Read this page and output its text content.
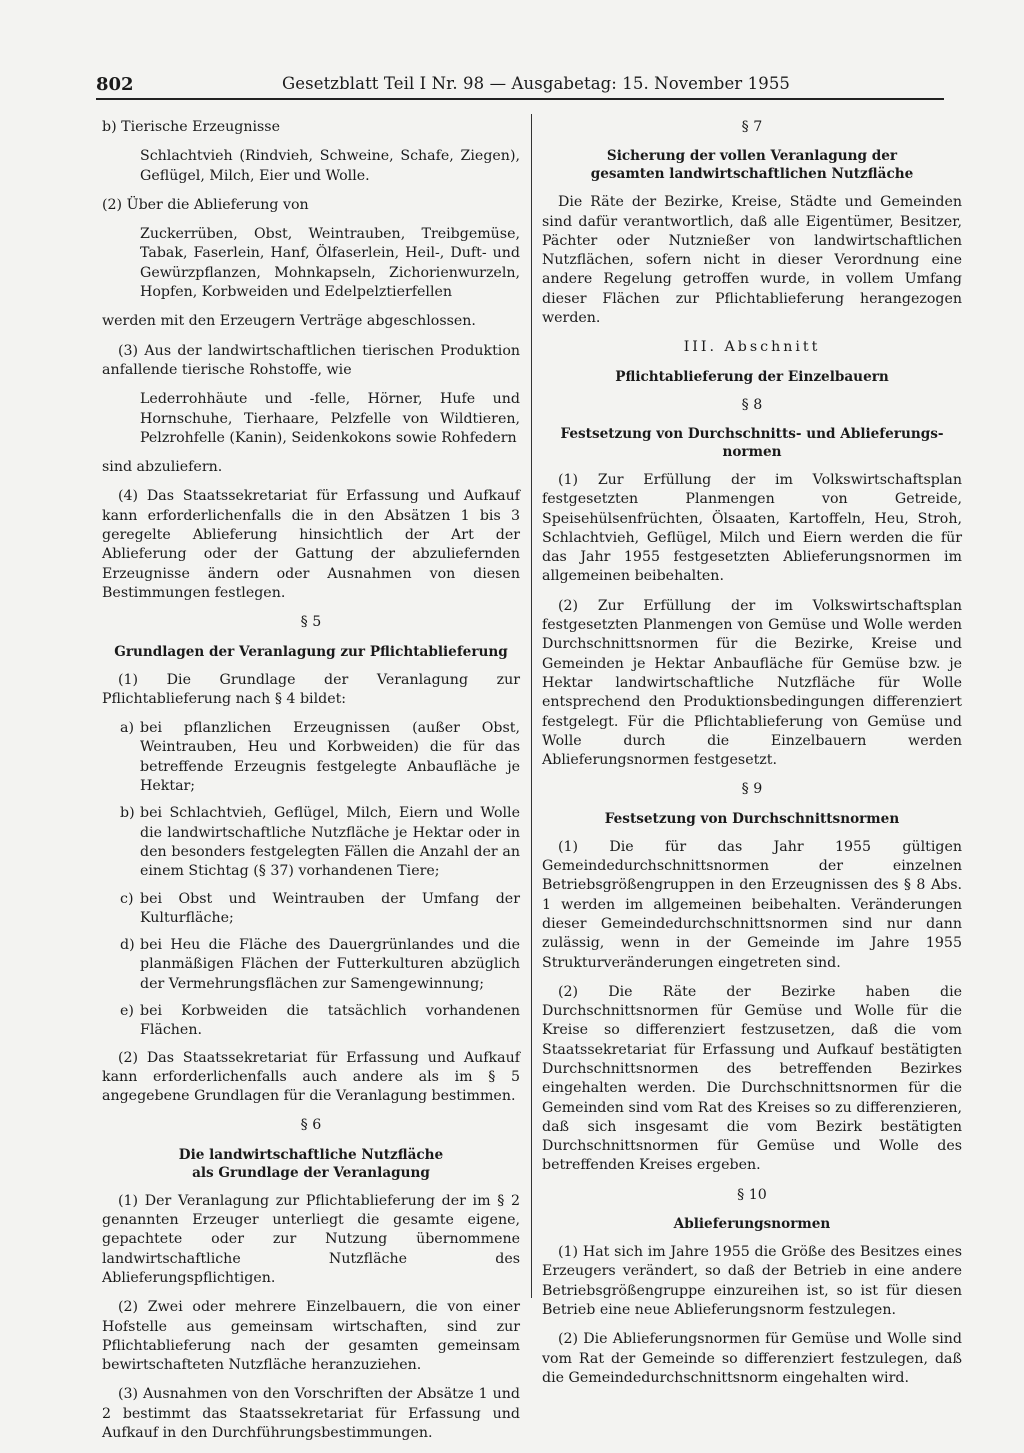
802	Gesetzblatt Teil I Nr. 98 — Ausgabetag: 15. November 1955

b) Tierische Erzeugnisse

Schlachtvieh (Rindvieh, Schweine, Schafe, Ziegen), Geflügel, Milch, Eier und Wolle.

(2) Über die Ablieferung von

Zuckerrüben, Obst, Weintrauben, Treibgemüse, Tabak, Faserlein, Hanf, Ölfaserlein, Heil-, Duft- und Gewürzpflanzen, Mohnkapseln, Zichorienwurzeln, Hopfen, Korbweiden und Edelpelztierfellen

werden mit den Erzeugern Verträge abgeschlossen.

(3) Aus der landwirtschaftlichen tierischen Produktion anfallende tierische Rohstoffe, wie

Lederrohhäute und -felle, Hörner, Hufe und Hornschuhe, Tierhaare, Pelzfelle von Wildtieren, Pelzrohfelle (Kanin), Seidenkokons sowie Rohfedern

sind abzuliefern.

(4) Das Staatssekretariat für Erfassung und Aufkauf kann erforderlichenfalls die in den Absätzen 1 bis 3 geregelte Ablieferung hinsichtlich der Art der Ablieferung oder der Gattung der abzuliefernden Erzeugnisse ändern oder Ausnahmen von diesen Bestimmungen festlegen.

§ 5

Grundlagen der Veranlagung zur Pflichtablieferung

(1) Die Grundlage der Veranlagung zur Pflichtablieferung nach § 4 bildet:

a) bei pflanzlichen Erzeugnissen (außer Obst, Weintrauben, Heu und Korbweiden) die für das betreffende Erzeugnis festgelegte Anbaufläche je Hektar;
b) bei Schlachtvieh, Geflügel, Milch, Eiern und Wolle die landwirtschaftliche Nutzfläche je Hektar oder in den besonders festgelegten Fällen die Anzahl der an einem Stichtag (§ 37) vorhandenen Tiere;
c) bei Obst und Weintrauben der Umfang der Kulturfläche;
d) bei Heu die Fläche des Dauergrünlandes und die planmäßigen Flächen der Futterkulturen abzüglich der Vermehrungsflächen zur Samengewinnung;
e) bei Korbweiden die tatsächlich vorhandenen Flächen.

(2) Das Staatssekretariat für Erfassung und Aufkauf kann erforderlichenfalls auch andere als im § 5 angegebene Grundlagen für die Veranlagung bestimmen.

§ 6

Die landwirtschaftliche Nutzfläche

als Grundlage der Veranlagung

(1) Der Veranlagung zur Pflichtablieferung der im § 2 genannten Erzeuger unterliegt die gesamte eigene, gepachtete oder zur Nutzung übernommene landwirtschaftliche Nutzfläche des Ablieferungspflichtigen.

(2) Zwei oder mehrere Einzelbauern, die von einer Hofstelle aus gemeinsam wirtschaften, sind zur Pflichtablieferung nach der gesamten gemeinsam bewirtschafteten Nutzfläche heranzuziehen.

(3) Ausnahmen von den Vorschriften der Absätze 1 und 2 bestimmt das Staatssekretariat für Erfassung und Aufkauf in den Durchführungsbestimmungen.

§ 7

Sicherung der vollen Veranlagung der

gesamten landwirtschaftlichen Nutzfläche

Die Räte der Bezirke, Kreise, Städte und Gemeinden sind dafür verantwortlich, daß alle Eigentümer, Besitzer, Pächter oder Nutznießer von landwirtschaftlichen Nutzflächen, sofern nicht in dieser Verordnung eine andere Regelung getroffen wurde, in vollem Umfang dieser Flächen zur Pflichtablieferung herangezogen werden.

III. Abschnitt

Pflichtablieferung der Einzelbauern

§ 8

Festsetzung von Durchschnitts- und Ablieferungs-

normen

(1) Zur Erfüllung der im Volkswirtschaftsplan festgesetzten Planmengen von Getreide, Speisehülsenfrüchten, Ölsaaten, Kartoffeln, Heu, Stroh, Schlachtvieh, Geflügel, Milch und Eiern werden die für das Jahr 1955 festgesetzten Ablieferungsnormen im allgemeinen beibehalten.

(2) Zur Erfüllung der im Volkswirtschaftsplan festgesetzten Planmengen von Gemüse und Wolle werden Durchschnittsnormen für die Bezirke, Kreise und Gemeinden je Hektar Anbaufläche für Gemüse bzw. je Hektar landwirtschaftliche Nutzfläche für Wolle entsprechend den Produktionsbedingungen differenziert festgelegt. Für die Pflichtablieferung von Gemüse und Wolle durch die Einzelbauern werden Ablieferungsnormen festgesetzt.

§ 9

Festsetzung von Durchschnittsnormen

(1) Die für das Jahr 1955 gültigen Gemeindedurchschnittsnormen der einzelnen Betriebsgrößengruppen in den Erzeugnissen des § 8 Abs. 1 werden im allgemeinen beibehalten. Veränderungen dieser Gemeindedurchschnittsnormen sind nur dann zulässig, wenn in der Gemeinde im Jahre 1955 Strukturveränderungen eingetreten sind.

(2) Die Räte der Bezirke haben die Durchschnittsnormen für Gemüse und Wolle für die Kreise so differenziert festzusetzen, daß die vom Staatssekretariat für Erfassung und Aufkauf bestätigten Durchschnittsnormen des betreffenden Bezirkes eingehalten werden. Die Durchschnittsnormen für die Gemeinden sind vom Rat des Kreises so zu differenzieren, daß sich insgesamt die vom Bezirk bestätigten Durchschnittsnormen für Gemüse und Wolle des betreffenden Kreises ergeben.

§ 10

Ablieferungsnormen

(1) Hat sich im Jahre 1955 die Größe des Besitzes eines Erzeugers verändert, so daß der Betrieb in eine andere Betriebsgrößengruppe einzureihen ist, so ist für diesen Betrieb eine neue Ablieferungsnorm festzulegen.

(2) Die Ablieferungsnormen für Gemüse und Wolle sind vom Rat der Gemeinde so differenziert festzulegen, daß die Gemeindedurchschnittsnorm eingehalten wird.
